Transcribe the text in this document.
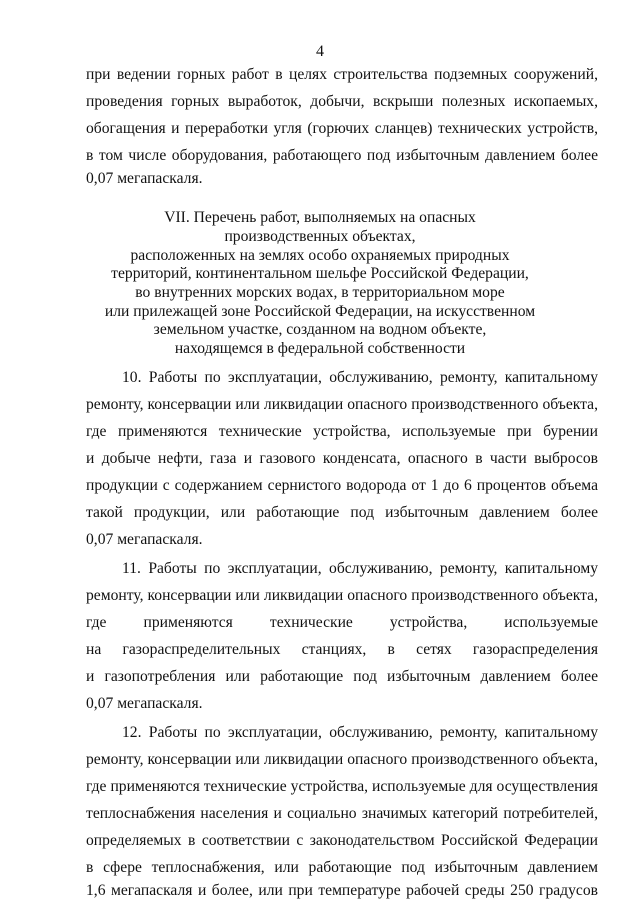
4
при ведении горных работ в целях строительства подземных сооружений,
проведения горных выработок, добычи, вскрыши полезных ископаемых,
обогащения и переработки угля (горючих сланцев) технических устройств,
в том числе оборудования, работающего под избыточным давлением более
0,07 мегапаскаля.
VII. Перечень работ, выполняемых на опасных
производственных объектах,
расположенных на землях особо охраняемых природных
территорий, континентальном шельфе Российской Федерации,
во внутренних морских водах, в территориальном море
или прилежащей зоне Российской Федерации, на искусственном
земельном участке, созданном на водном объекте,
находящемся в федеральной собственности
10. Работы по эксплуатации, обслуживанию, ремонту, капитальному
ремонту, консервации или ликвидации опасного производственного объекта,
где применяются технические устройства, используемые при бурении
и добыче нефти, газа и газового конденсата, опасного в части выбросов
продукции с содержанием сернистого водорода от 1 до 6 процентов объема
такой продукции, или работающие под избыточным давлением более
0,07 мегапаскаля.
11. Работы по эксплуатации, обслуживанию, ремонту, капитальному
ремонту, консервации или ликвидации опасного производственного объекта,
где применяются технические устройства, используемые
на газораспределительных станциях, в сетях газораспределения
и газопотребления или работающие под избыточным давлением более
0,07 мегапаскаля.
12. Работы по эксплуатации, обслуживанию, ремонту, капитальному
ремонту, консервации или ликвидации опасного производственного объекта,
где применяются технические устройства, используемые для осуществления
теплоснабжения населения и социально значимых категорий потребителей,
определяемых в соответствии с законодательством Российской Федерации
в сфере теплоснабжения, или работающие под избыточным давлением
1,6 мегапаскаля и более, или при температуре рабочей среды 250 градусов
